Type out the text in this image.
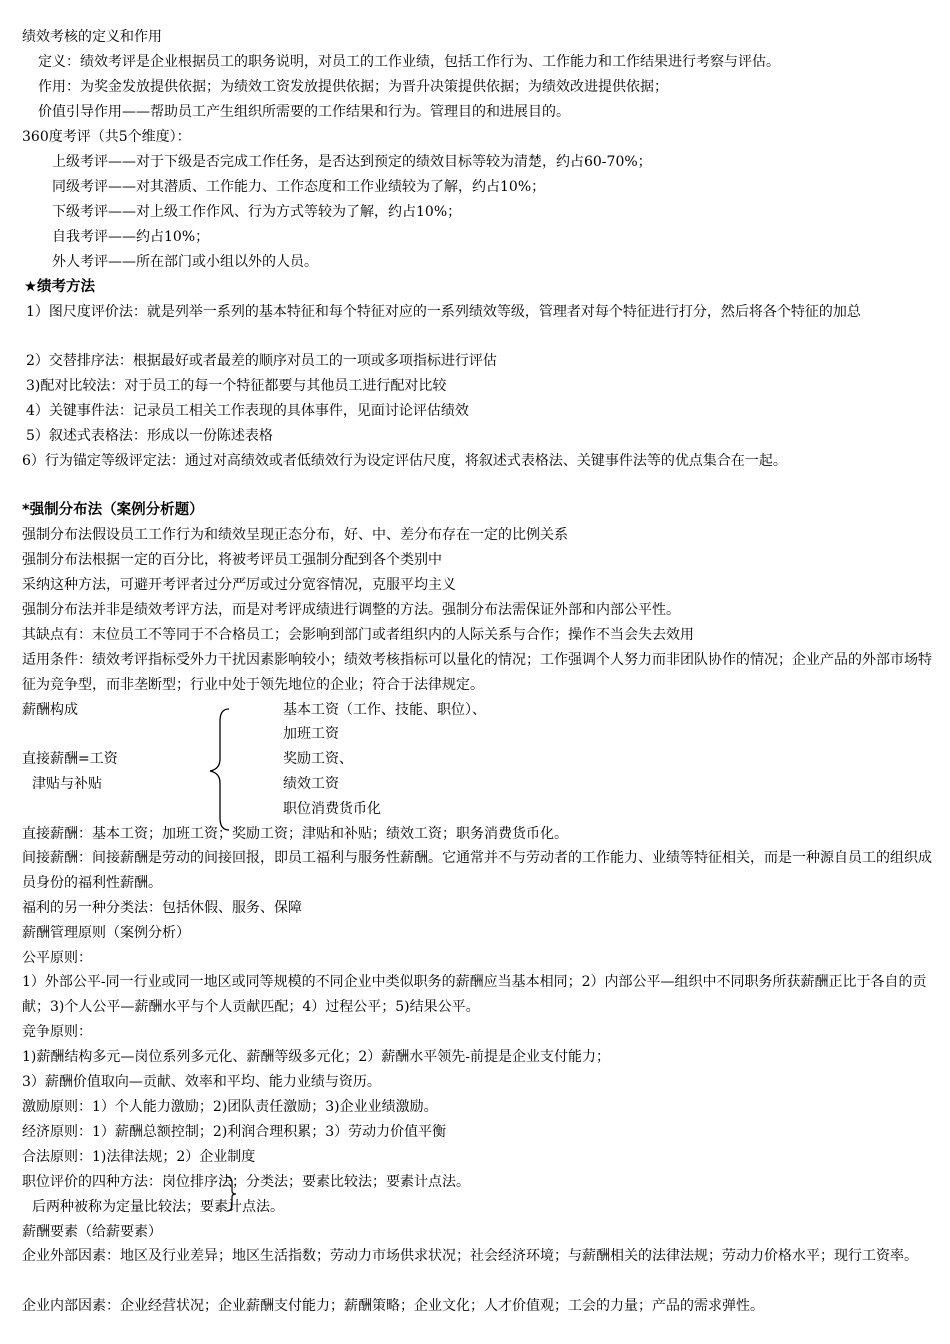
绩效考核的定义和作用
定义：绩效考评是企业根据员工的职务说明，对员工的工作业绩，包括工作行为、工作能力和工作结果进行考察与评估。
作用：为奖金发放提供依据；为绩效工资发放提供依据；为晋升决策提供依据；为绩效改进提供依据；
价值引导作用——帮助员工产生组织所需要的工作结果和行为。管理目的和进展目的。
360度考评（共5个维度）：
上级考评——对于下级是否完成工作任务，是否达到预定的绩效目标等较为清楚，约占60-70%；
同级考评——对其潜质、工作能力、工作态度和工作业绩较为了解，约占10%；
下级考评——对上级工作作风、行为方式等较为了解，约占10%；
自我考评——约占10%；
外人考评——所在部门或小组以外的人员。
★绩考方法
1）图尺度评价法：就是列举一系列的基本特征和每个特征对应的一系列绩效等级，管理者对每个特征进行打分，然后将各个特征的加总
2）交替排序法：根据最好或者最差的顺序对员工的一项或多项指标进行评估
3)配对比较法：对于员工的每一个特征都要与其他员工进行配对比较
4）关键事件法：记录员工相关工作表现的具体事件，见面讨论评估绩效
5）叙述式表格法：形成以一份陈述表格
6）行为锚定等级评定法：通过对高绩效或者低绩效行为设定评估尺度，将叙述式表格法、关键事件法等的优点集合在一起。
*强制分布法（案例分析题）
强制分布法假设员工工作行为和绩效呈现正态分布，好、中、差分布存在一定的比例关系
强制分布法根据一定的百分比，将被考评员工强制分配到各个类别中
采纳这种方法，可避开考评者过分严厉或过分宽容情况，克服平均主义
强制分布法并非是绩效考评方法，而是对考评成绩进行调整的方法。强制分布法需保证外部和内部公平性。
其缺点有：末位员工不等同于不合格员工；会影响到部门或者组织内的人际关系与合作；操作不当会失去效用
适用条件：绩效考评指标受外力干扰因素影响较小；绩效考核指标可以量化的情况；工作强调个人努力而非团队协作的情况；企业产品的外部市场特征为竞争型，而非垄断型；行业中处于领先地位的企业；符合于法律规定。
薪酬构成
直接薪酬=工资
津贴与补贴
基本工资（工作、技能、职位）、
加班工资
奖励工资、
绩效工资
职位消费货币化
直接薪酬：基本工资；加班工资；奖励工资；津贴和补贴；绩效工资；职务消费货币化。
间接薪酬：间接薪酬是劳动的间接回报，即员工福利与服务性薪酬。它通常并不与劳动者的工作能力、业绩等特征相关，而是一种源自员工的组织成员身份的福利性薪酬。
福利的另一种分类法：包括休假、服务、保障
薪酬管理原则（案例分析）
公平原则：
1）外部公平-同一行业或同一地区或同等规模的不同企业中类似职务的薪酬应当基本相同；2）内部公平—组织中不同职务所获薪酬正比于各自的贡献；3)个人公平—薪酬水平与个人贡献匹配；4）过程公平；5)结果公平。
竞争原则：
1)薪酬结构多元—岗位系列多元化、薪酬等级多元化；2）薪酬水平领先-前提是企业支付能力；
3）薪酬价值取向—贡献、效率和平均、能力业绩与资历。
激励原则：1）个人能力激励；2)团队责任激励；3)企业业绩激励。
经济原则：1）薪酬总额控制；2)利润合理积累；3）劳动力价值平衡
合法原则：1)法律法规；2）企业制度
职位评价的四种方法：岗位排序法；分类法；要素比较法；要素计点法。
后两种被称为定量比较法；要素计点法。
薪酬要素（给薪要素）
企业外部因素：地区及行业差异；地区生活指数；劳动力市场供求状况；社会经济环境；与薪酬相关的法律法规；劳动力价格水平；现行工资率。
企业内部因素：企业经营状况；企业薪酬支付能力；薪酬策略；企业文化；人才价值观；工会的力量；产品的需求弹性。
